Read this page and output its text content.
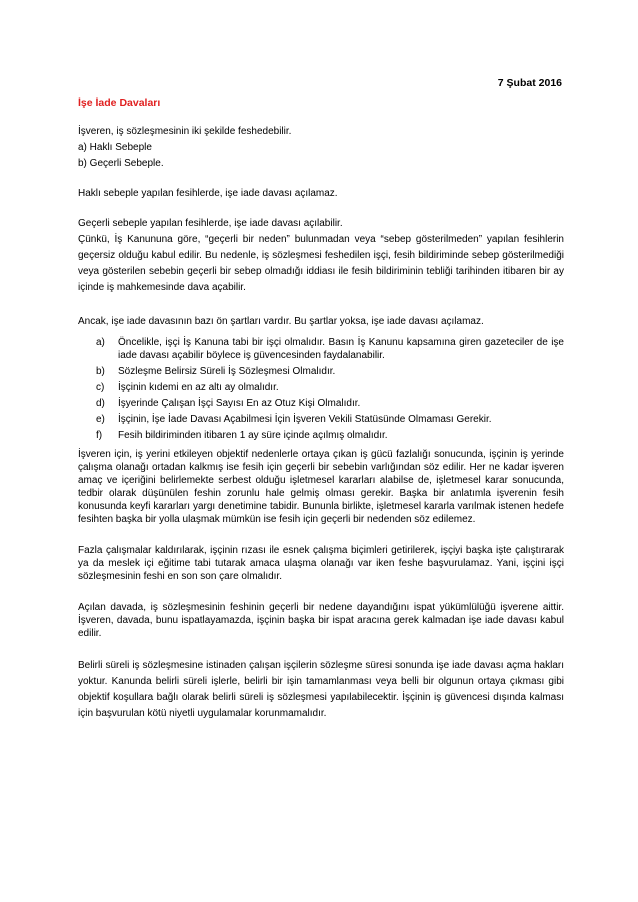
7 Şubat 2016
İşe İade Davaları

İşveren, iş sözleşmesinin iki şekilde feshedebilir.

a) Haklı Sebeple

b) Geçerli Sebeple.

Haklı sebeple yapılan fesihlerde, işe iade davası açılamaz.

Geçerli sebeple yapılan fesihlerde, işe iade davası açılabilir.

Çünkü, İş Kanununa göre, “geçerli bir neden” bulunmadan veya “sebep gösterilmeden” yapılan fesihlerin geçersiz olduğu kabul edilir. Bu nedenle, iş sözleşmesi feshedilen işçi, fesih bildiriminde sebep gösterilmediği veya gösterilen sebebin geçerli bir sebep olmadığı iddiası ile fesih bildiriminin tebliği tarihinden itibaren bir ay içinde iş mahkemesinde dava açabilir.

Ancak, işe iade davasının bazı ön şartları vardır. Bu şartlar yoksa, işe iade davası açılamaz.

a)	Öncelikle, işçi İş Kanuna tabi bir işçi olmalıdır. Basın İş Kanunu kapsamına giren gazeteciler de işe iade davası açabilir böylece iş güvencesinden faydalanabilir.
b)	Sözleşme Belirsiz Süreli İş Sözleşmesi Olmalıdır.
c)	İşçinin kıdemi en az altı ay olmalıdır.
d)	İşyerinde Çalışan İşçi Sayısı En az Otuz Kişi Olmalıdır.
e)	İşçinin, İşe İade Davası Açabilmesi İçin İşveren Vekili Statüsünde Olmaması Gerekir.
f)	Fesih bildiriminden itibaren 1 ay süre içinde açılmış olmalıdır.

İşveren için, iş yerini etkileyen objektif nedenlerle ortaya çıkan iş gücü fazlalığı sonucunda, işçinin iş yerinde çalışma olanağı ortadan kalkmış ise fesih için geçerli bir sebebin varlığından söz edilir. Her ne kadar işveren amaç ve içeriğini belirlemekte serbest olduğu işletmesel kararları alabilse de, işletmesel karar sonucunda, tedbir olarak düşünülen feshin zorunlu hale gelmiş olması gerekir. Başka bir anlatımla işverenin fesih konusunda keyfi kararları yargı denetimine tabidir. Bununla birlikte, işletmesel kararla varılmak istenen hedefe fesihten başka bir yolla ulaşmak mümkün ise fesih için geçerli bir nedenden söz edilemez.

Fazla çalışmalar kaldırılarak, işçinin rızası ile esnek çalışma biçimleri getirilerek, işçiyi başka işte çalıştırarak ya da meslek içi eğitime tabi tutarak amaca ulaşma olanağı var iken feshe başvurulamaz. Yani, işçini işçi sözleşmesinin feshi en son son çare olmalıdır.

Açılan davada, iş sözleşmesinin feshinin geçerli bir nedene dayandığını ispat yükümlülüğü işverene aittir. İşveren, davada, bunu ispatlayamazda, işçinin başka bir ispat aracına gerek kalmadan işe iade davası kabul edilir.

Belirli süreli iş sözleşmesine istinaden çalışan işçilerin sözleşme süresi sonunda işe iade davası açma hakları yoktur. Kanunda belirli süreli işlerle, belirli bir işin tamamlanması veya belli bir olgunun ortaya çıkması gibi objektif koşullara bağlı olarak belirli süreli iş sözleşmesi yapılabilecektir. İşçinin iş güvencesi dışında kalması için başvurulan kötü niyetli uygulamalar korunmamalıdır.
